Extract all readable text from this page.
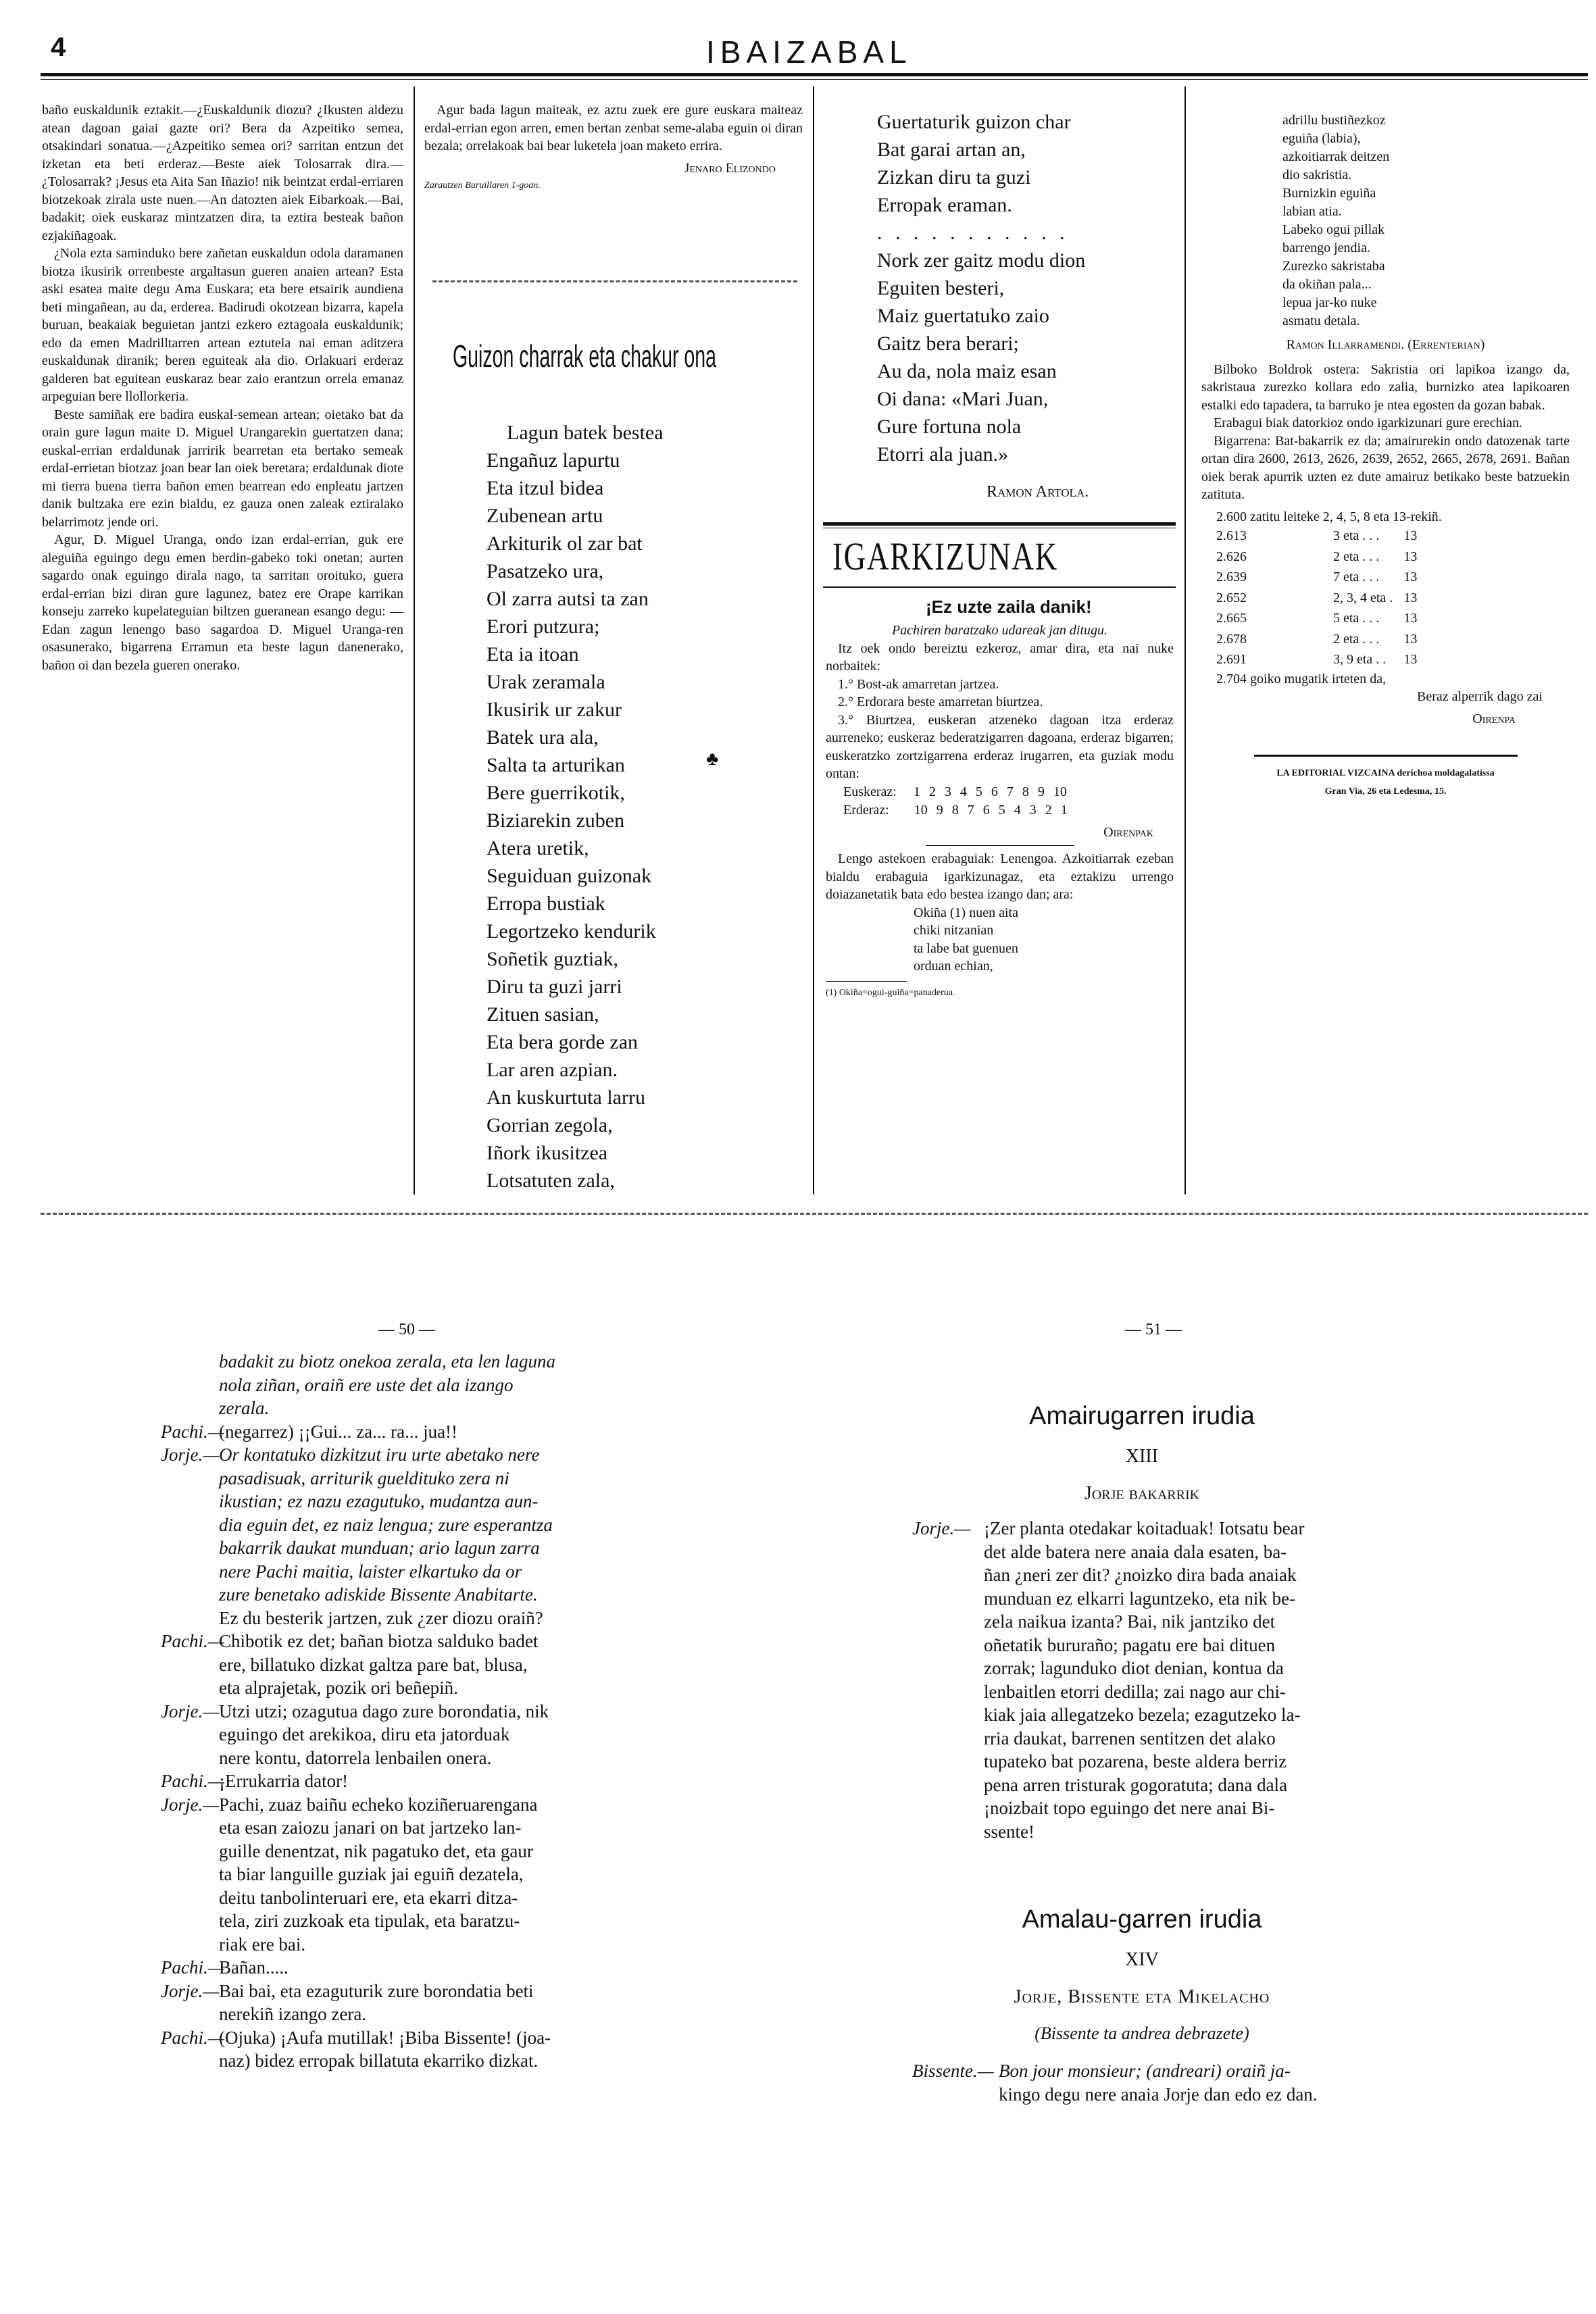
4	IBAIZABAL

baño euskaldunik eztakit.—¿Euskaldunik diozu? ¿Ikusten aldezu atean dagoan gaiai gazte ori? Bera da Azpeitiko semea, otsakindari sonatua.—¿Azpeitiko semea ori? sarritan entzun det izketan eta beti erderaz.—Beste aiek Tolosarrak dira.—¿Tolosarrak? ¡Jesus eta Aita San Iñazio! nik beintzat erdal-erriaren biotzekoak zirala uste nuen.—An datozten aiek Eibarkoak.—Bai, badakit; oiek euskaraz mintzatzen dira, ta eztira besteak bañon ezjakiñagoak.

¿Nola ezta saminduko bere zañetan euskaldun odola daramanen biotza ikusirik orrenbeste argaltasun gueren anaien artean? Esta aski esatea maite degu Ama Euskara; eta bere etsairik aundiena beti mingañean, au da, erderea. Badirudi okotzean bizarra, kapela buruan, beakaiak beguietan jantzi ezkero eztagoala euskaldunik; edo da emen Madrilltarren artean eztutela nai eman aditzera euskaldunak diranik; beren eguiteak ala dio. Orlakuari erderaz galderen bat eguitean euskaraz bear zaio erantzun orrela emanaz arpeguian bere llollorkeria.

Beste samiñak ere badira euskal-semean artean; oietako bat da orain gure lagun maite D. Miguel Urangarekin guertatzen dana; euskal-errian erdaldunak jarririk bearretan eta bertako semeak erdal-errietan biotzaz joan bear lan oiek beretara; erdaldunak diote mi tierra buena tierra bañon emen bearrean edo enpleatu jartzen danik bultzaka ere ezin bialdu, ez gauza onen zaleak eztiralako belarrimotz jende ori.

Agur, D. Miguel Uranga, ondo izan erdal-errian, guk ere aleguiña eguingo degu emen berdin-gabeko toki onetan; aurten sagardo onak eguingo dirala nago, ta sarritan oroituko, guera erdal-errian bizi diran gure lagunez, batez ere Orape karrikan konseju zarreko kupelateguian biltzen gueranean esango degu: — Edan zagun lenengo baso sagardoa D. Miguel Uranga-ren osasunerako, bigarrena Erramun eta beste lagun danenerako, bañon oi dan bezela gueren onerako.

Agur bada lagun maiteak, ez aztu zuek ere gure euskara maiteaz erdal-errian egon arren, emen bertan zenbat seme-alaba eguin oi diran bezala; orrelakoak bai bear luketela joan maketo errira.

Jenaro Elizondo
Zarautzen Buruillaren 1-goan.
Guizon charrak eta chakur ona
Lagun batek bestea
Engañuz lapurtu
Eta itzul bidea
Zubenean artu
Arkiturik ol zar bat
Pasatzeko ura,
Ol zarra autsi ta zan
Erori putzura;
Eta ia itoan
Urak zeramala
Ikusirik ur zakur
Batek ura ala,
Salta ta arturikan
Bere guerrikotik,
Biziarekin zuben
Atera uretik,
Seguiduan guizonak
Erropa bustiak
Legortzeko kendurik
Soñetik guztiak,
Diru ta guzi jarri
Zituen sasian,
Eta bera gorde zan
Lar aren azpian.
An kuskurtuta larru
Gorrian zegola,
Iñork ikusitzea
Lotsatuten zala,
♣
Guertaturik guizon char
Bat garai artan an,
Zizkan diru ta guzi
Erropak eraman.
. . . . . . . . . . .
Nork zer gaitz modu dion
Eguiten besteri,
Maiz guertatuko zaio
Gaitz bera berari;
Au da, nola maiz esan
Oi dana: «Mari Juan,
Gure fortuna nola
Etorri ala juan.»
Ramon Artola.
IGARKIZUNAK
¡Ez uzte zaila danik!
Pachiren baratzako udareak jan ditugu.

Itz oek ondo bereiztu ezkeroz, amar dira, eta nai nuke norbaitek:

1.° Bost-ak amarretan jartzea.

2.° Erdorara beste amarretan biurtzea.

3.° Biurtzea, euskeran atzeneko dagoan itza erderaz aurreneko; euskeraz bederatzigarren dagoana, erderaz bigarren; euskeratzko zortzigarrena erderaz irugarren, eta guziak modu ontan:

Euskeraz: 1 2 3 4 5 6 7 8 9 10
Erderaz: 10 9 8 7 6 5 4 3 2 1
Oirenpak

Lengo astekoen erabaguiak: Lenengoa. Azkoitiarrak ezeban bialdu erabaguia igarkizunagaz, eta eztakizu urrengo doiazanetatik bata edo bestea izango dan; ara:

Okiña (1) nuen aita
chiki nitzanian
ta labe bat guenuen
orduan echian,
(1) Okiña=ogui-guiña=panaderua.
adrillu bustiñezkoz
eguiña (labia),
azkoitiarrak deitzen
dio sakristia.
Burnizkin eguiña
labian atia.
Labeko ogui pillak
barrengo jendia.
Zurezko sakristaba
da okiñan pala...
lepua jar-ko nuke
asmatu detala.
Ramon Illarramendi. (Errenterian)

Bilboko Boldrok ostera: Sakristia ori lapikoa izango da, sakristaua zurezko kollara edo zalia, burnizko atea lapikoaren estalki edo tapadera, ta barruko je ntea egosten da gozan babak.

Erabagui biak datorkioz ondo igarkizunari gure erechian.

Bigarrena: Bat-bakarrik ez da; amairurekin ondo datozenak tarte ortan dira 2600, 2613, 2626, 2639, 2652, 2665, 2678, 2691. Bañan oiek berak apurrik uzten ez dute amairuz betikako beste batzuekin zatituta.

2.600 zatitu leiteke 2, 4, 5, 8 eta 13-rekiñ.
2.613	3 eta . . .	13
2.626	2 eta . . .	13
2.639	7 eta . . .	13
2.652	2, 3, 4 eta .	13
2.665	5 eta . . .	13
2.678	2 eta . . .	13
2.691	3, 9 eta . .	13
2.704 goiko mugatik irteten da,
Beraz alperrik dago zai
Oirenpa
LA EDITORIAL VIZCAINA derichoa moldagalatissa
Gran Via, 26 eta Ledesma, 15.
— 50 —
badakit zu biotz onekoa zerala, eta len laguna
nola ziñan, oraiñ ere uste det ala izango
zerala.
Pachi.—(negarrez) ¡¡Gui... za... ra... jua!!
Jorje.—Or kontatuko dizkitzut iru urte abetako nere
pasadisuak, arriturik gueldituko zera ni
ikustian; ez nazu ezagutuko, mudantza aun-
dia eguin det, ez naiz lengua; zure esperantza
bakarrik daukat munduan; ario lagun zarra
nere Pachi maitia, laister elkartuko da or
zure benetako adiskide Bissente Anabitarte.
Ez du besterik jartzen, zuk ¿zer diozu oraiñ?
Pachi.—Chibotik ez det; bañan biotza salduko badet
ere, billatuko dizkat galtza pare bat, blusa,
eta alprajetak, pozik ori beñepiñ.
Jorje.—Utzi utzi; ozagutua dago zure borondatia, nik
eguingo det arekikoa, diru eta jatorduak
nere kontu, datorrela lenbailen onera.
Pachi.—¡Errukarria dator!
Jorje.—Pachi, zuaz baiñu echeko koziñeruarengana
eta esan zaiozu janari on bat jartzeko lan-
guille denentzat, nik pagatuko det, eta gaur
ta biar languille guziak jai eguiñ dezatela,
deitu tanbolinteruari ere, eta ekarri ditza-
tela, ziri zuzkoak eta tipulak, eta baratzu-
riak ere bai.
Pachi.—Bañan.....
Jorje.—Bai bai, eta ezaguturik zure borondatia beti
nerekiñ izango zera.
Pachi.—(Ojuka) ¡Aufa mutillak! ¡Biba Bissente! (joa-
naz) bidez erropak billatuta ekarriko dizkat.
— 51 —
Amairugarren irudia
XIII
Jorje bakarrik
Jorje.— ¡Zer planta otedakar koitaduak! Iotsatu bear
det alde batera nere anaia dala esaten, ba-
ñan ¿neri zer dit? ¿noizko dira bada anaiak
munduan ez elkarri laguntzeko, eta nik be-
zela naikua izanta? Bai, nik jantziko det
oñetatik bururaño; pagatu ere bai dituen
zorrak; lagunduko diot denian, kontua da
lenbaitlen etorri dedilla; zai nago aur chi-
kiak jaia allegatzeko bezela; ezagutzeko la-
rria daukat, barrenen sentitzen det alako
tupateko bat pozarena, beste aldera berriz
pena arren tristurak gogoratuta; dana dala
¡noizbait topo eguingo det nere anai Bi-
ssente!
Amalau-garren irudia
XIV
Jorje, Bissente eta Mikelacho
(Bissente ta andrea debrazete)
Bissente.— Bon jour monsieur; (andreari) oraiñ ja-
kingo degu nere anaia Jorje dan edo ez dan.
